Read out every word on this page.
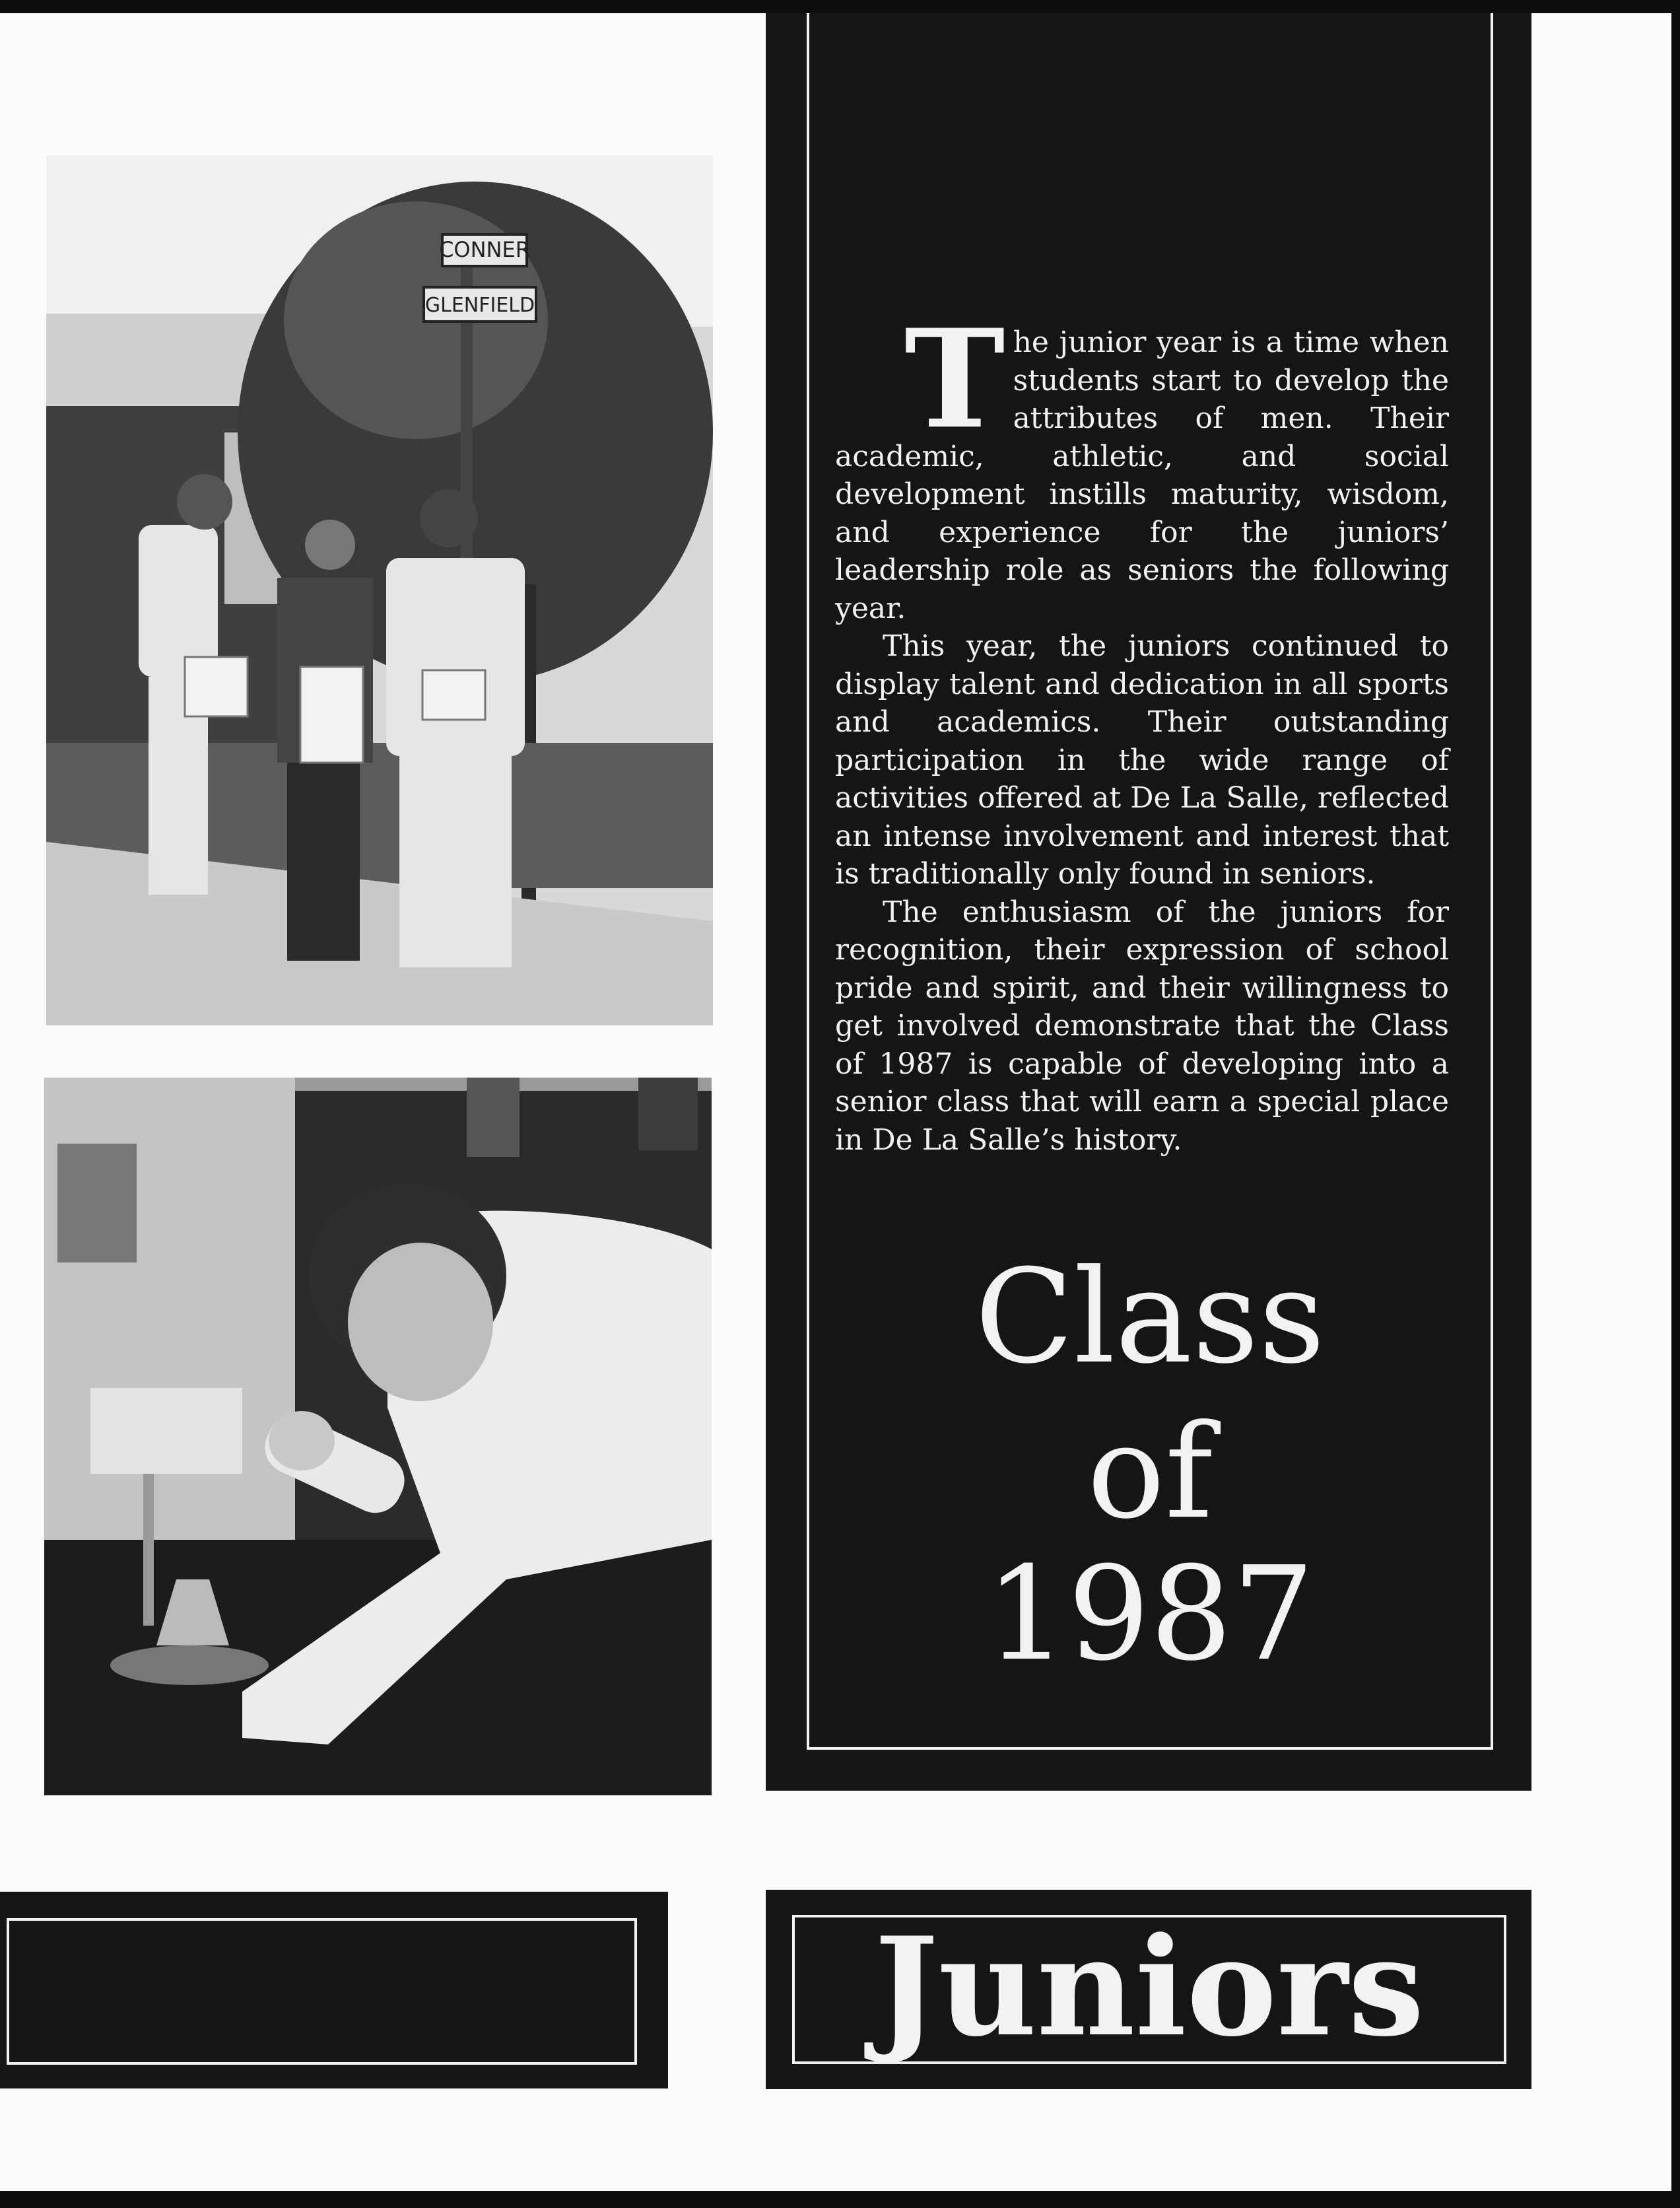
CONNER
GLENFIELD	The junior year is a time when students start to develop the attributes of men. Their academic, athletic, and social development instills maturity, wisdom, and experience for the juniors’ leadership role as seniors the following year.

This year, the juniors continued to display talent and dedication in all sports and academics. Their outstanding participation in the wide range of activities offered at De La Salle, reflected an intense involvement and interest that is traditionally only found in seniors.

The enthusiasm of the juniors for recognition, their expression of school pride and spirit, and their willingness to get involved demonstrate that the Class of 1987 is capable of developing into a senior class that will earn a special place in De La Salle’s history.

Class
of
1987
Juniors
